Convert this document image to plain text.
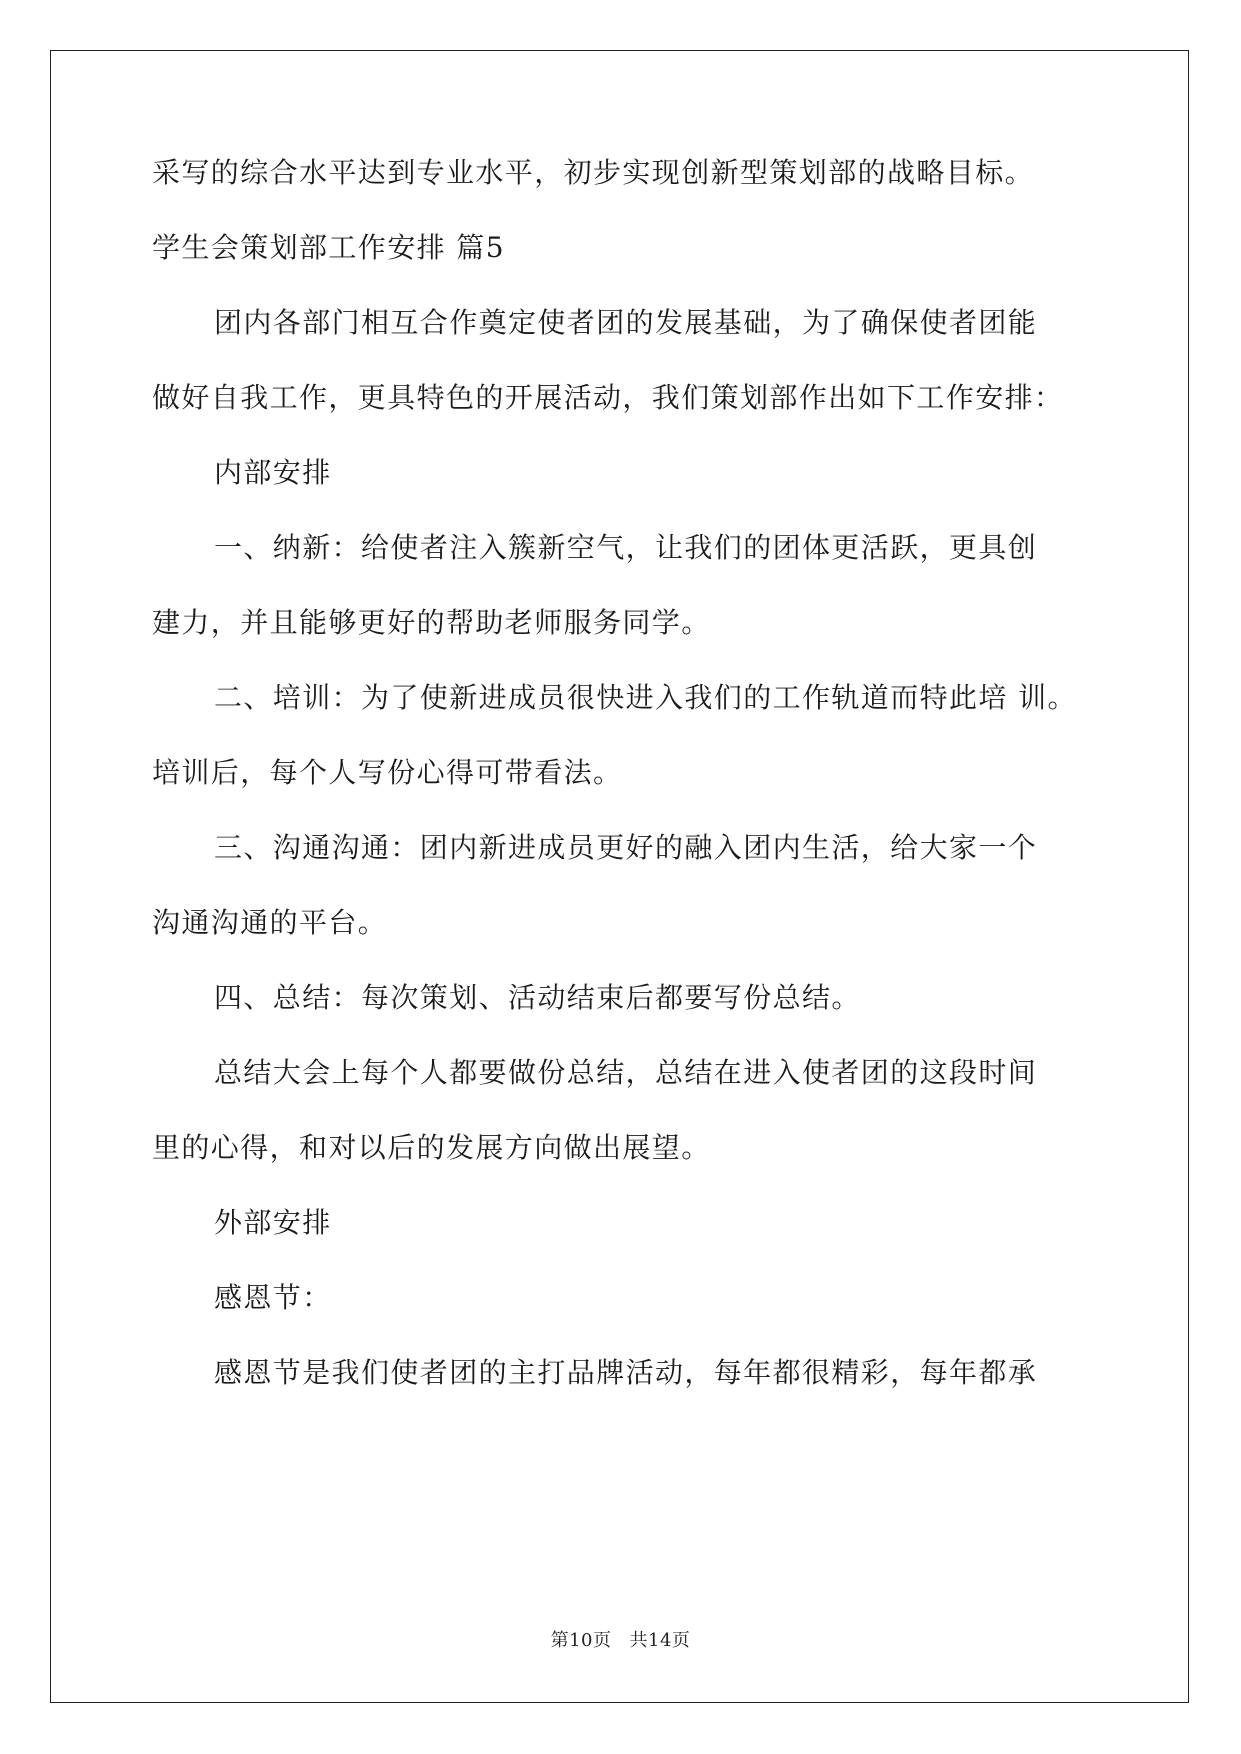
采写的综合水平达到专业水平，初步实现创新型策划部的战略目标。

学生会策划部工作安排 篇5

团内各部门相互合作奠定使者团的发展基础，为了确保使者团能

做好自我工作，更具特色的开展活动，我们策划部作出如下工作安排：

内部安排

一、纳新：给使者注入簇新空气，让我们的团体更活跃，更具创

建力，并且能够更好的帮助老师服务同学。

二、培训：为了使新进成员很快进入我们的工作轨道而特此培 训。

培训后，每个人写份心得可带看法。

三、沟通沟通：团内新进成员更好的融入团内生活，给大家一个

沟通沟通的平台。

四、总结：每次策划、活动结束后都要写份总结。

总结大会上每个人都要做份总结，总结在进入使者团的这段时间

里的心得，和对以后的发展方向做出展望。

外部安排

感恩节：

感恩节是我们使者团的主打品牌活动，每年都很精彩，每年都承

第10页 共14页
